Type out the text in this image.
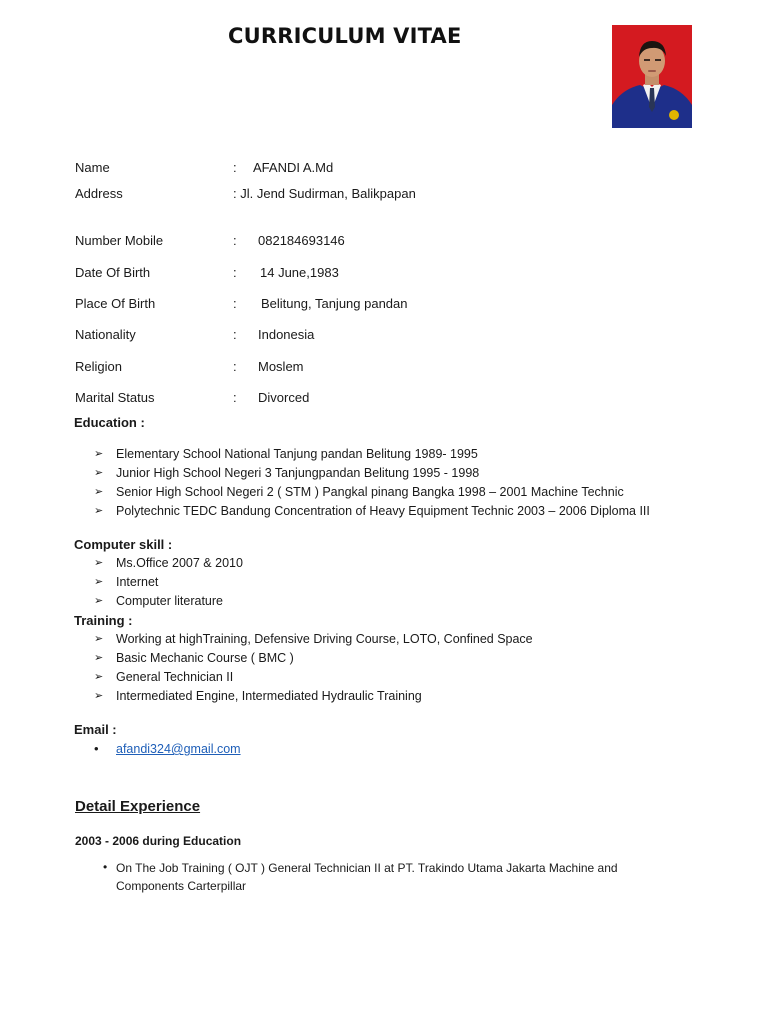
CURRICULUM VITAE
Name	: AFANDI A.Md
Address	: Jl. Jend Sudirman, Balikpapan
Number Mobile	: 082184693146
Date Of Birth	: 14 June,1983
Place Of Birth	: Belitung, Tanjung pandan
Nationality	: Indonesia
Religion	: Moslem
Marital Status	: Divorced
Education :
➢ Elementary School National Tanjung pandan Belitung 1989- 1995
➢ Junior High School Negeri 3 Tanjungpandan Belitung 1995 - 1998
➢ Senior High School Negeri 2 ( STM ) Pangkal pinang Bangka 1998 – 2001 Machine Technic
➢ Polytechnic TEDC Bandung Concentration of Heavy Equipment Technic 2003 – 2006 Diploma III
Computer skill :
➢ Ms.Office 2007 & 2010
➢ Internet
➢ Computer literature
Training :
➢ Working at highTraining, Defensive Driving Course, LOTO, Confined Space
➢ Basic Mechanic Course ( BMC )
➢ General Technician II
➢ Intermediated Engine, Intermediated Hydraulic Training
Email :
• afandi324@gmail.com
Detail Experience
2003 - 2006 during Education
• On The Job Training ( OJT ) General Technician II at PT. Trakindo Utama Jakarta Machine and Components Carterpillar
